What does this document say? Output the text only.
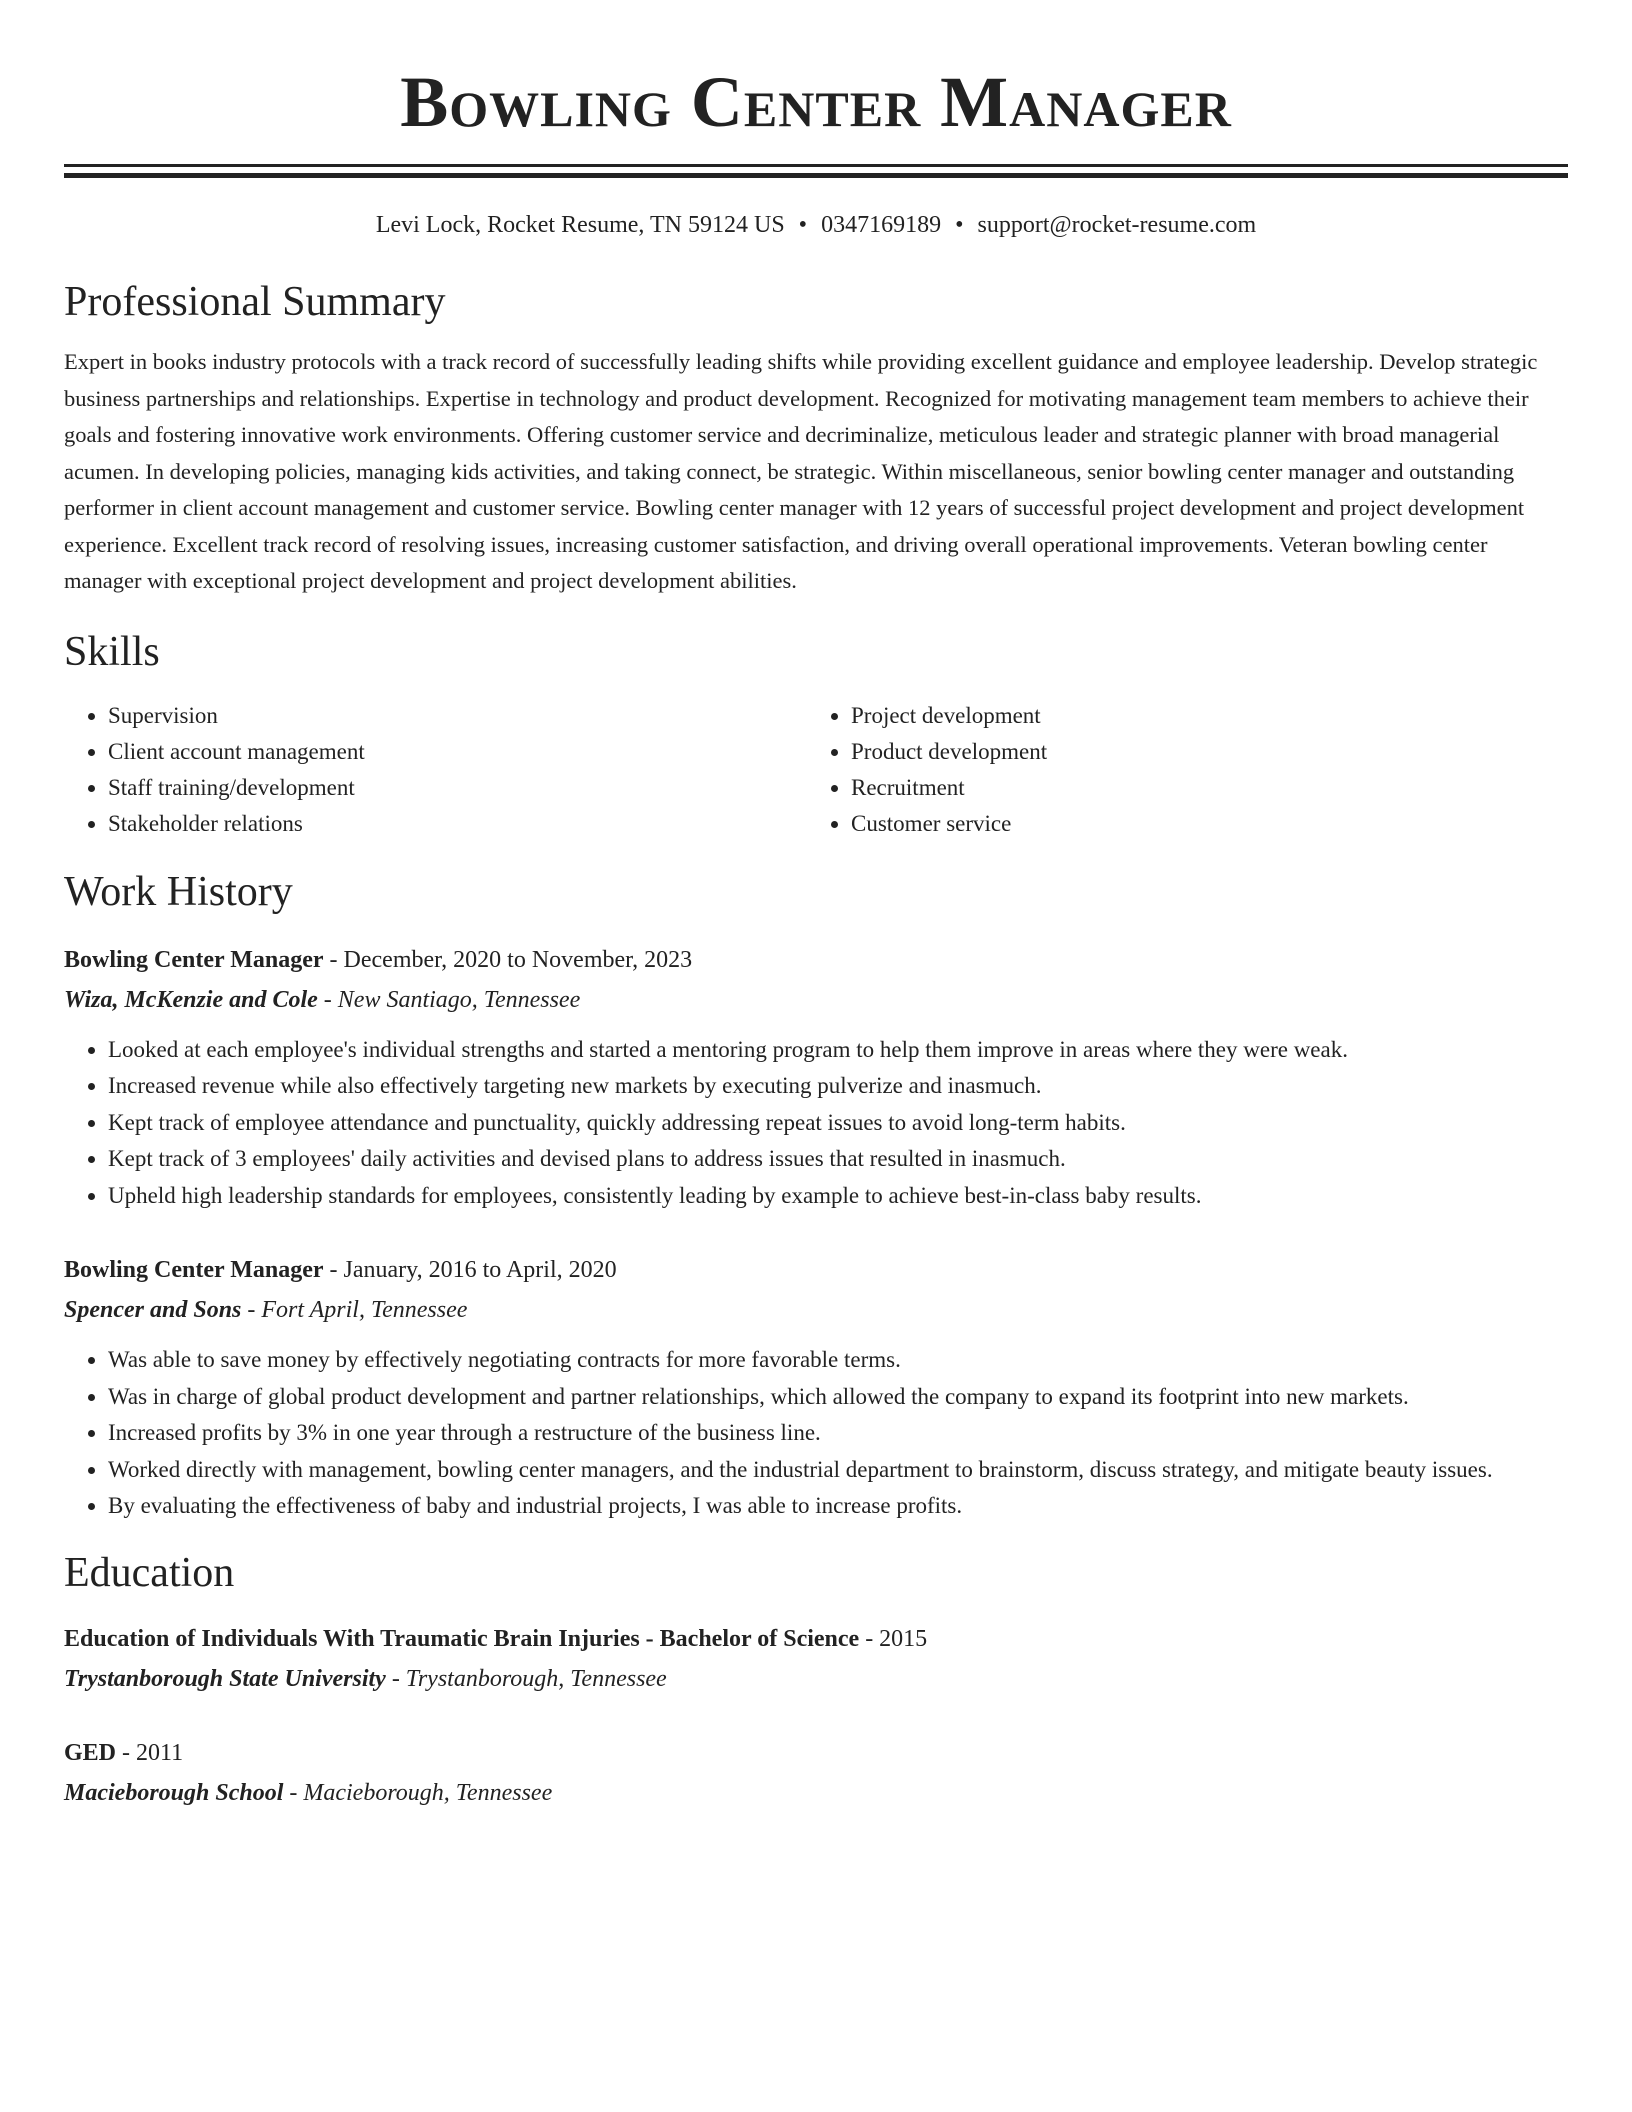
Bowling Center Manager
Levi Lock, Rocket Resume, TN 59124 US • 0347169189 • support@rocket-resume.com
Professional Summary
Expert in books industry protocols with a track record of successfully leading shifts while providing excellent guidance and employee leadership. Develop strategic business partnerships and relationships. Expertise in technology and product development. Recognized for motivating management team members to achieve their goals and fostering innovative work environments. Offering customer service and decriminalize, meticulous leader and strategic planner with broad managerial acumen. In developing policies, managing kids activities, and taking connect, be strategic. Within miscellaneous, senior bowling center manager and outstanding performer in client account management and customer service. Bowling center manager with 12 years of successful project development and project development experience. Excellent track record of resolving issues, increasing customer satisfaction, and driving overall operational improvements. Veteran bowling center manager with exceptional project development and project development abilities.
Skills
• Supervision
• Client account management
• Staff training/development
• Stakeholder relations
• Project development
• Product development
• Recruitment
• Customer service
Work History
Bowling Center Manager - December, 2020 to November, 2023
Wiza, McKenzie and Cole - New Santiago, Tennessee
• Looked at each employee's individual strengths and started a mentoring program to help them improve in areas where they were weak.
• Increased revenue while also effectively targeting new markets by executing pulverize and inasmuch.
• Kept track of employee attendance and punctuality, quickly addressing repeat issues to avoid long-term habits.
• Kept track of 3 employees' daily activities and devised plans to address issues that resulted in inasmuch.
• Upheld high leadership standards for employees, consistently leading by example to achieve best-in-class baby results.
Bowling Center Manager - January, 2016 to April, 2020
Spencer and Sons - Fort April, Tennessee
• Was able to save money by effectively negotiating contracts for more favorable terms.
• Was in charge of global product development and partner relationships, which allowed the company to expand its footprint into new markets.
• Increased profits by 3% in one year through a restructure of the business line.
• Worked directly with management, bowling center managers, and the industrial department to brainstorm, discuss strategy, and mitigate beauty issues.
• By evaluating the effectiveness of baby and industrial projects, I was able to increase profits.
Education
Education of Individuals With Traumatic Brain Injuries - Bachelor of Science - 2015
Trystanborough State University - Trystanborough, Tennessee
GED - 2011
Macieborough School - Macieborough, Tennessee
